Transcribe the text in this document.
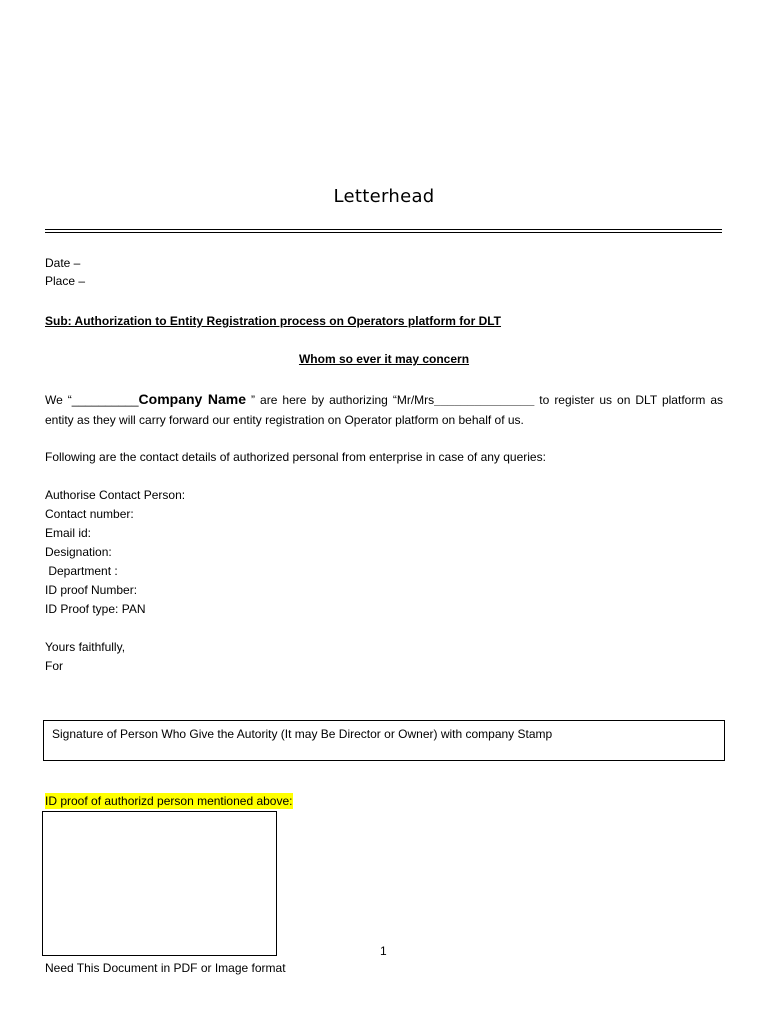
Letterhead
Date –
Place –
Sub: Authorization to Entity Registration process on Operators platform for DLT
Whom so ever it may concern
We “__________Company Name ” are here by authorizing “Mr/Mrs_______________ to register us on DLT platform as entity as they will carry forward our entity registration on Operator platform on behalf of us.
Following are the contact details of authorized personal from enterprise in case of any queries:
Authorise Contact Person:
Contact number:
Email id:
Designation:
Department :
ID proof Number:
ID Proof type: PAN
Yours faithfully,
For
Signature of Person Who Give the Autority (It may Be Director or Owner) with company Stamp
ID proof of authorizd person mentioned above:
1
Need This Document in PDF or Image format
